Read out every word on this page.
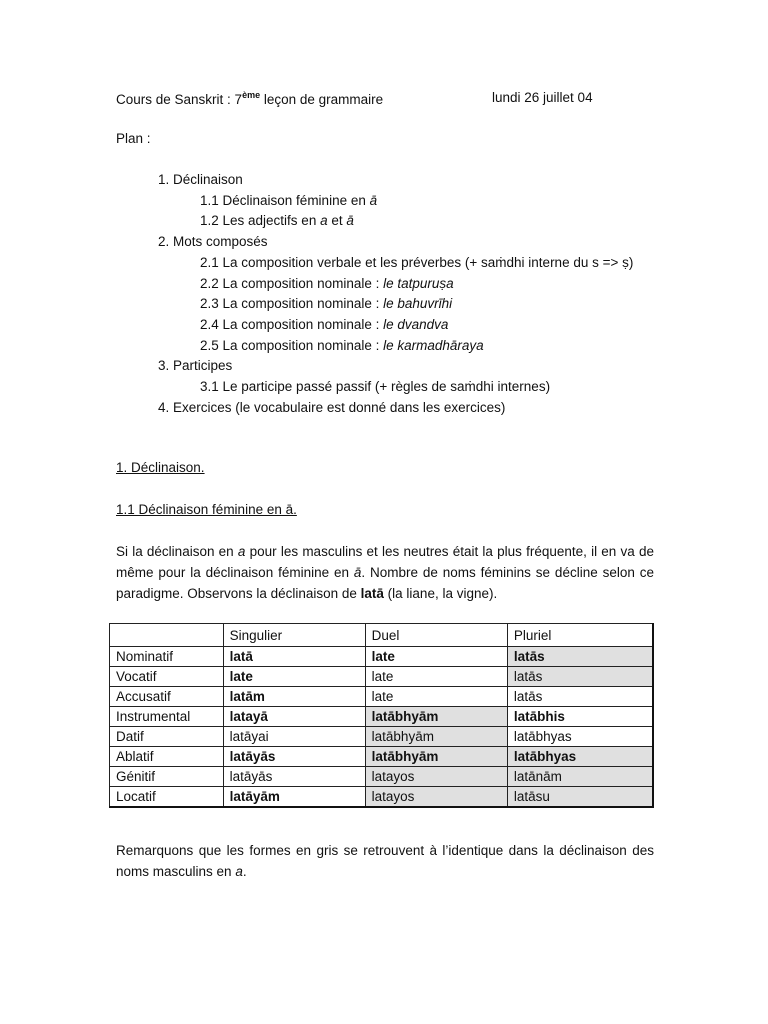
Cours de Sanskrit : 7ème leçon de grammaire	lundi 26 juillet 04
Plan :
1. Déclinaison
1.1 Déclinaison féminine en ā
1.2 Les adjectifs en a et ā
2. Mots composés
2.1 La composition verbale et les préverbes (+ saṁdhi interne du s => ṣ)
2.2 La composition nominale : le tatpuruṣa
2.3 La composition nominale : le bahuvrīhi
2.4 La composition nominale : le dvandva
2.5 La composition nominale : le karmadhāraya
3. Participes
3.1 Le participe passé passif (+ règles de saṁdhi internes)
4. Exercices (le vocabulaire est donné dans les exercices)
1. Déclinaison.
1.1 Déclinaison féminine en ā.
Si la déclinaison en a pour les masculins et les neutres était la plus fréquente, il en va de même pour la déclinaison féminine en ā. Nombre de noms féminins se décline selon ce paradigme. Observons la déclinaison de latā (la liane, la vigne).
	Singulier	Duel	Pluriel
Nominatif	latā	late	latās
Vocatif	late	late	latās
Accusatif	latām	late	latās
Instrumental	latayā	latābhyām	latābhis
Datif	latāyai	latābhyām	latābhyas
Ablatif	latāyās	latābhyām	latābhyas
Génitif	latāyās	latayos	latānām
Locatif	latāyām	latayos	latāsu
Remarquons que les formes en gris se retrouvent à l’identique dans la déclinaison des noms masculins en a.
